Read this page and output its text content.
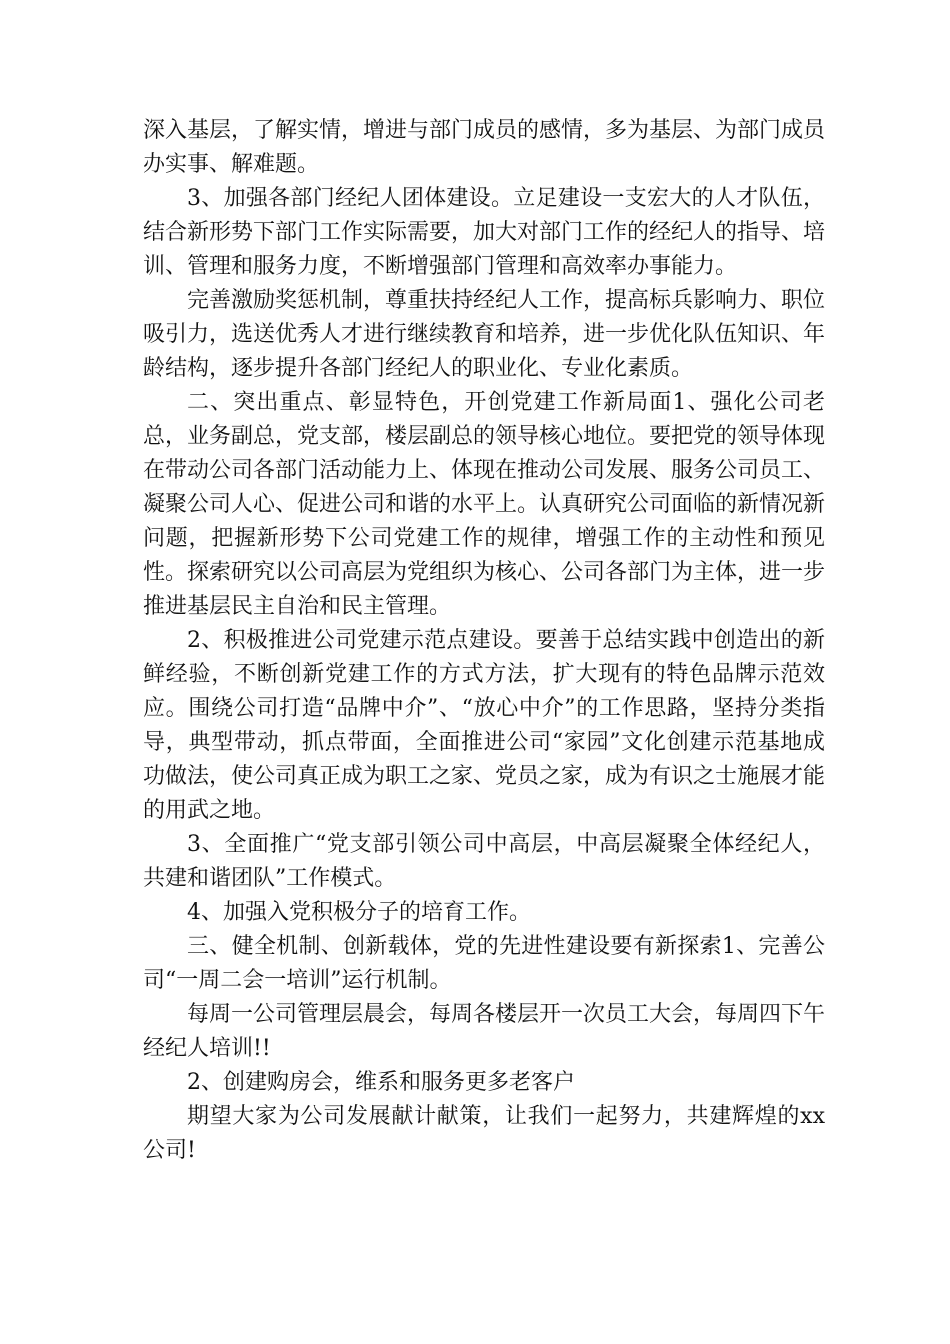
深入基层，了解实情，增进与部门成员的感情，多为基层、为部门成员办实事、解难题。

3、加强各部门经纪人团体建设。立足建设一支宏大的人才队伍，结合新形势下部门工作实际需要，加大对部门工作的经纪人的指导、培训、管理和服务力度，不断增强部门管理和高效率办事能力。

完善激励奖惩机制，尊重扶持经纪人工作，提高标兵影响力、职位吸引力，选送优秀人才进行继续教育和培养，进一步优化队伍知识、年龄结构，逐步提升各部门经纪人的职业化、专业化素质。

二、突出重点、彰显特色，开创党建工作新局面1、强化公司老总，业务副总，党支部，楼层副总的领导核心地位。要把党的领导体现在带动公司各部门活动能力上、体现在推动公司发展、服务公司员工、凝聚公司人心、促进公司和谐的水平上。认真研究公司面临的新情况新问题，把握新形势下公司党建工作的规律，增强工作的主动性和预见性。探索研究以公司高层为党组织为核心、公司各部门为主体，进一步推进基层民主自治和民主管理。

2、积极推进公司党建示范点建设。要善于总结实践中创造出的新鲜经验，不断创新党建工作的方式方法，扩大现有的特色品牌示范效应。围绕公司打造“品牌中介”、“放心中介”的工作思路，坚持分类指导，典型带动，抓点带面，全面推进公司“家园”文化创建示范基地成功做法，使公司真正成为职工之家、党员之家，成为有识之士施展才能的用武之地。

3、全面推广“党支部引领公司中高层，中高层凝聚全体经纪人，共建和谐团队”工作模式。

4、加强入党积极分子的培育工作。

三、健全机制、创新载体，党的先进性建设要有新探索1、完善公司“一周二会一培训”运行机制。

每周一公司管理层晨会，每周各楼层开一次员工大会，每周四下午经纪人培训!!

2、创建购房会，维系和服务更多老客户

期望大家为公司发展献计献策，让我们一起努力，共建辉煌的xx公司!
